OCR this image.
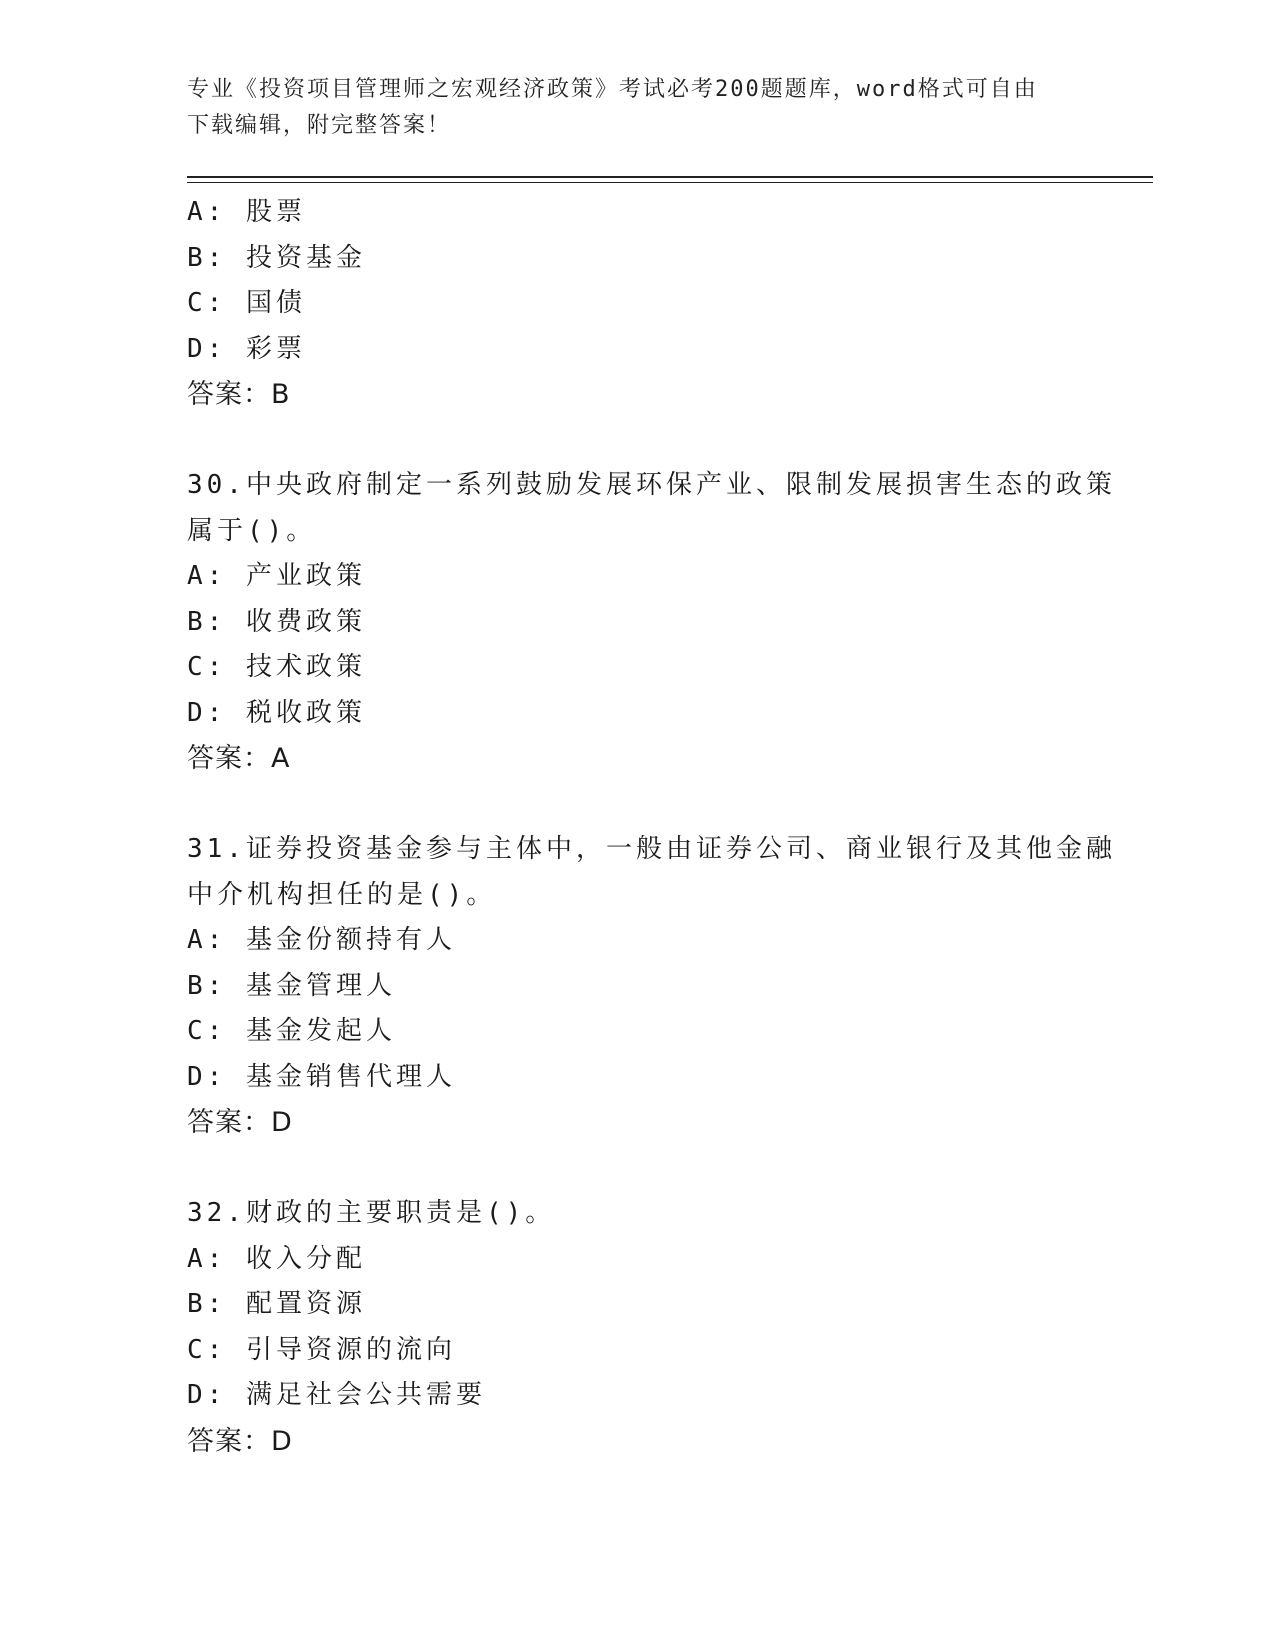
专业《投资项目管理师之宏观经济政策》考试必考200题题库，word格式可自由
下载编辑，附完整答案！
A: 股票
B: 投资基金
C: 国债
D: 彩票
答案：B
30.中央政府制定一系列鼓励发展环保产业、限制发展损害生态的政策
属于()。
A: 产业政策
B: 收费政策
C: 技术政策
D: 税收政策
答案：A
31.证券投资基金参与主体中，一般由证券公司、商业银行及其他金融
中介机构担任的是()。
A: 基金份额持有人
B: 基金管理人
C: 基金发起人
D: 基金销售代理人
答案：D
32.财政的主要职责是()。
A: 收入分配
B: 配置资源
C: 引导资源的流向
D: 满足社会公共需要
答案：D
